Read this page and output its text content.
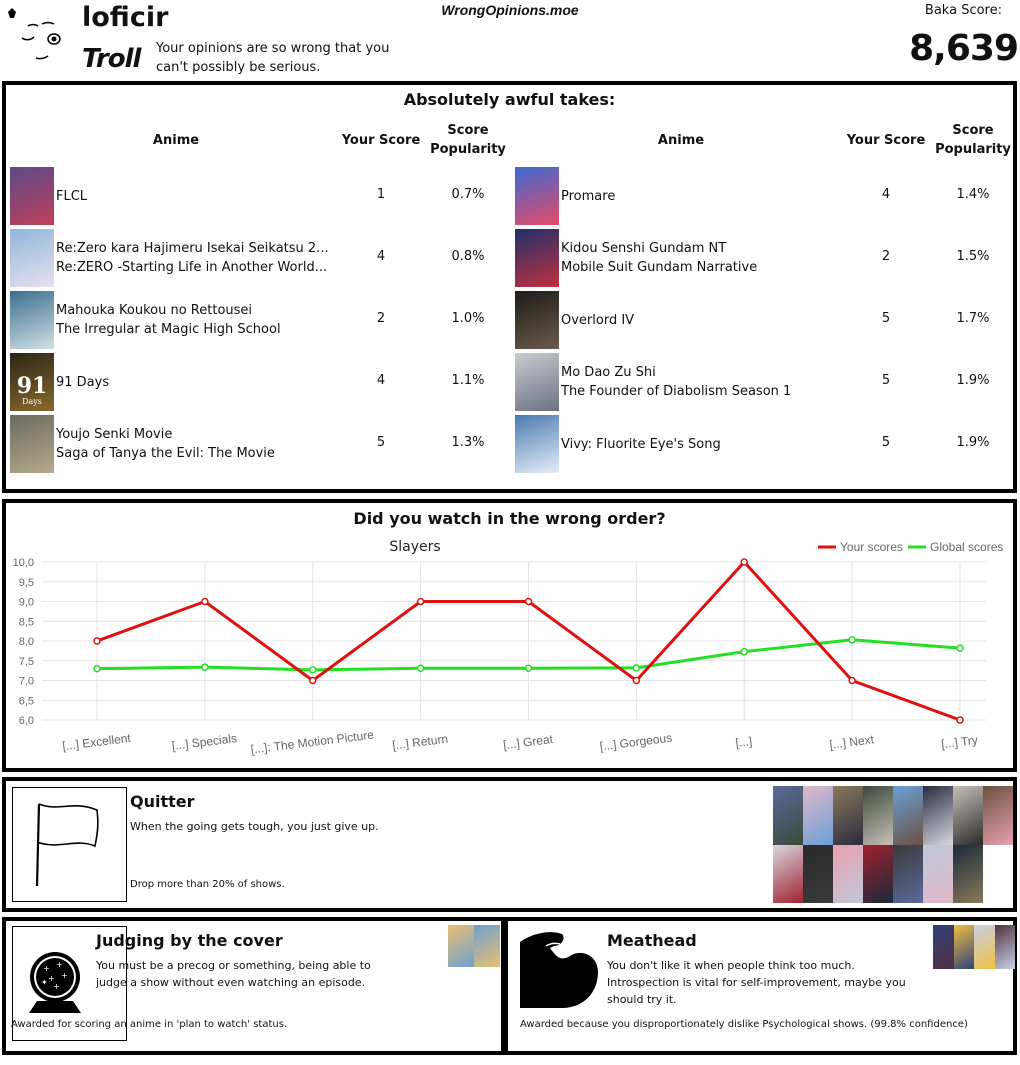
WrongOpinions.moe
loficir
Troll Your opinions are so wrong that you can't possibly be serious.
Baka Score:
8,639
Absolutely awful takes:
Anime	Your Score
Score
Popularity
FLCL	1	0.7%
Re:Zero kara Hajimeru Isekai Seikatsu 2...
Re:ZERO -Starting Life in Another World...
4	0.8%
Mahouka Koukou no Rettousei
The Irregular at Magic High School
2	1.0%
91
Days
91 Days	4	1.1%
Youjo Senki Movie
Saga of Tanya the Evil: The Movie
5	1.3%
Anime	Your Score
Score
Popularity
Promare	4	1.4%
Kidou Senshi Gundam NT
Mobile Suit Gundam Narrative
2	1.5%
Overlord IV	5	1.7%
Mo Dao Zu Shi
The Founder of Diabolism Season 1
5	1.9%
Vivy: Fluorite Eye's Song	5	1.9%
10,0
9,5
9,0
8,5
8,0
7,5
7,0
6,5
6,0
[...] Excellent	[...] Specials [...]: The Motion Picture [...] Return	[...] Great	[...] Gorgeous	[...]	[...] Next	[...] Try
Slayers	Your scores Global scores
Did you watch in the wrong order?
Quitter
When the going gets tough, you just give up.
Drop more than 20% of shows.
+ +
+ +
+
✦
Judging by the cover
You must be a precog or something, being able to judge a show without even watching an episode.
Awarded for scoring an anime in 'plan to watch' status.
Meathead
You don't like it when people think too much. Introspection is vital for self-improvement, maybe you should try it.
Awarded because you disproportionately dislike Psychological shows. (99.8% confidence)
